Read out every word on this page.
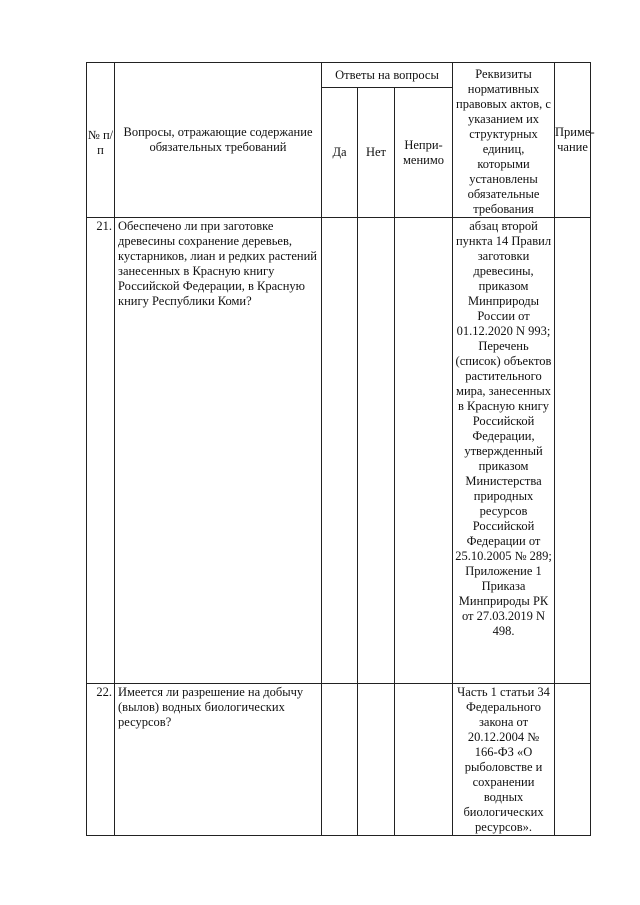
№ п/п	Вопросы, отражающие содержание обязательных требований	Ответы на вопросы			Реквизиты нормативных правовых актов, с указанием их структурных единиц, которыми установлены обязательные требования	Приме-чание
		Да	Нет	Непри-менимо		
21.	Обеспечено ли при заготовке древесины сохранение деревьев, кустарников, лиан и редких растений занесенных в Красную книгу Российской Федерации, в Красную книгу Республики Коми?				абзац второй пункта 14 Правил заготовки древесины, приказом Минприроды России от 01.12.2020 N 993; Перечень (список) объектов растительного мира, занесенных в Красную книгу Российской Федерации, утвержденный приказом Министерства природных ресурсов Российской Федерации от 25.10.2005 № 289; Приложение 1 Приказа Минприроды РК от 27.03.2019 N 498.	
22.	Имеется ли разрешение на добычу (вылов) водных биологических ресурсов?				Часть 1 статьи 34 Федерального закона от 20.12.2004 № 166-ФЗ «О рыболовстве и сохранении водных биологических ресурсов».	
